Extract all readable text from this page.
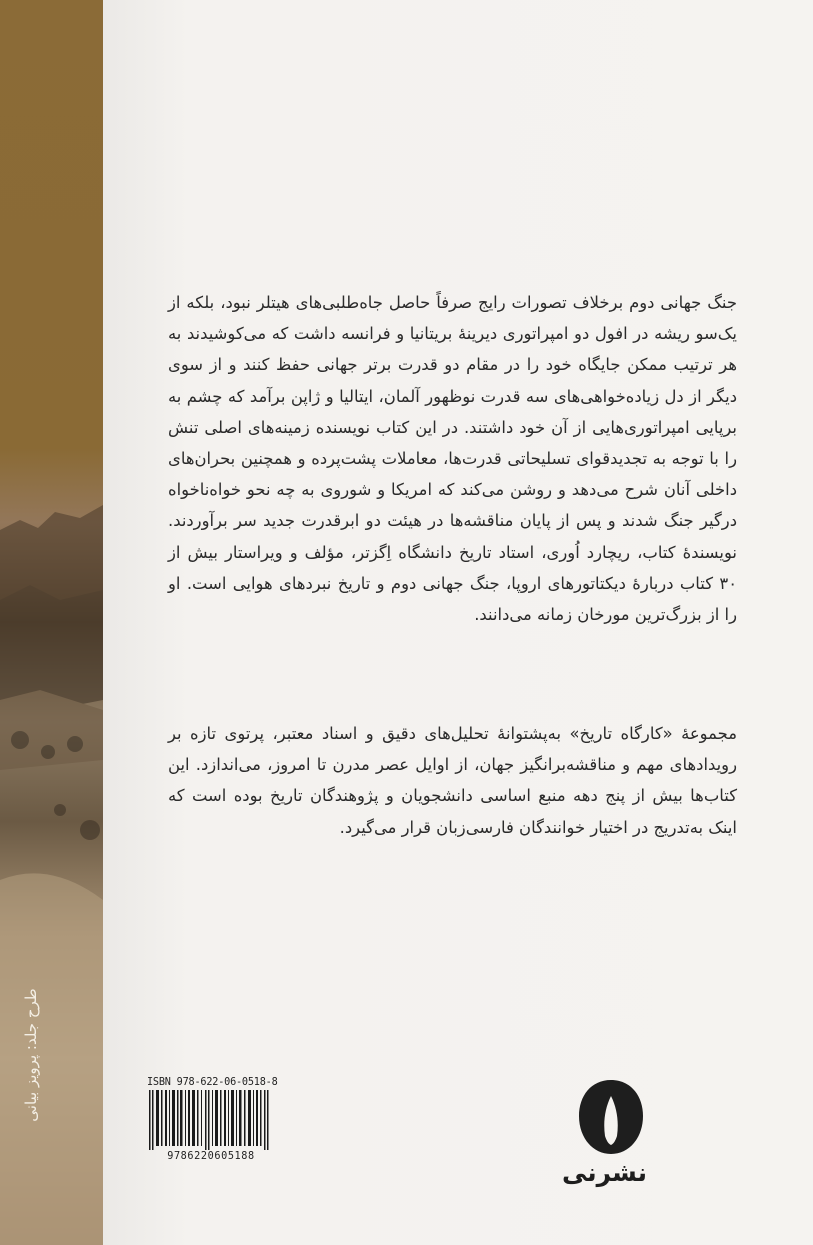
طرح جلد: پرویز بیانی

جنگ جهانی دوم برخلاف تصورات رایج صرفاً حاصل جاه‌طلبی‌های هیتلر نبود، بلکه از یک‌سو ریشه در افول دو امپراتوری دیرینهٔ بریتانیا و فرانسه داشت که می‌کوشیدند به هر ترتیب ممکن جایگاه خود را در مقام دو قدرت برتر جهانی حفظ کنند و از سوی دیگر از دل زیاده‌خواهی‌های سه قدرت نوظهور آلمان، ایتالیا و ژاپن برآمد که چشم به برپایی امپراتوری‌هایی از آن خود داشتند. در این کتاب نویسنده زمینه‌های اصلی تنش را با توجه به تجدیدقوای تسلیحاتی قدرت‌ها، معاملات پشت‌پرده و همچنین بحران‌های داخلی آنان شرح می‌دهد و روشن می‌کند که امریکا و شوروی به چه نحو خواه‌ناخواه درگیر جنگ شدند و پس از پایان مناقشه‌ها در هیئت دو ابرقدرت جدید سر برآوردند. نویسندهٔ کتاب، ریچارد اُوری، استاد تاریخ دانشگاه اِگزتر، مؤلف و ویراستار بیش از ۳۰ کتاب دربارهٔ دیکتاتورهای اروپا، جنگ جهانی دوم و تاریخ نبردهای هوایی است. او را از بزرگ‌ترین مورخان زمانه می‌دانند.

مجموعهٔ «کارگاه تاریخ» به‌پشتوانهٔ تحلیل‌های دقیق و اسناد معتبر، پرتوی تازه بر رویدادهای مهم و مناقشه‌برانگیز جهان، از اوایل عصر مدرن تا امروز، می‌اندازد. این کتاب‌ها بیش از پنج دهه منبع اساسی دانشجویان و پژوهندگان تاریخ بوده است که اینک به‌تدریج در اختیار خوانندگان فارسی‌زبان قرار می‌گیرد.

ISBN 978-622-06-0518-8
9786220605188
نشرنی
